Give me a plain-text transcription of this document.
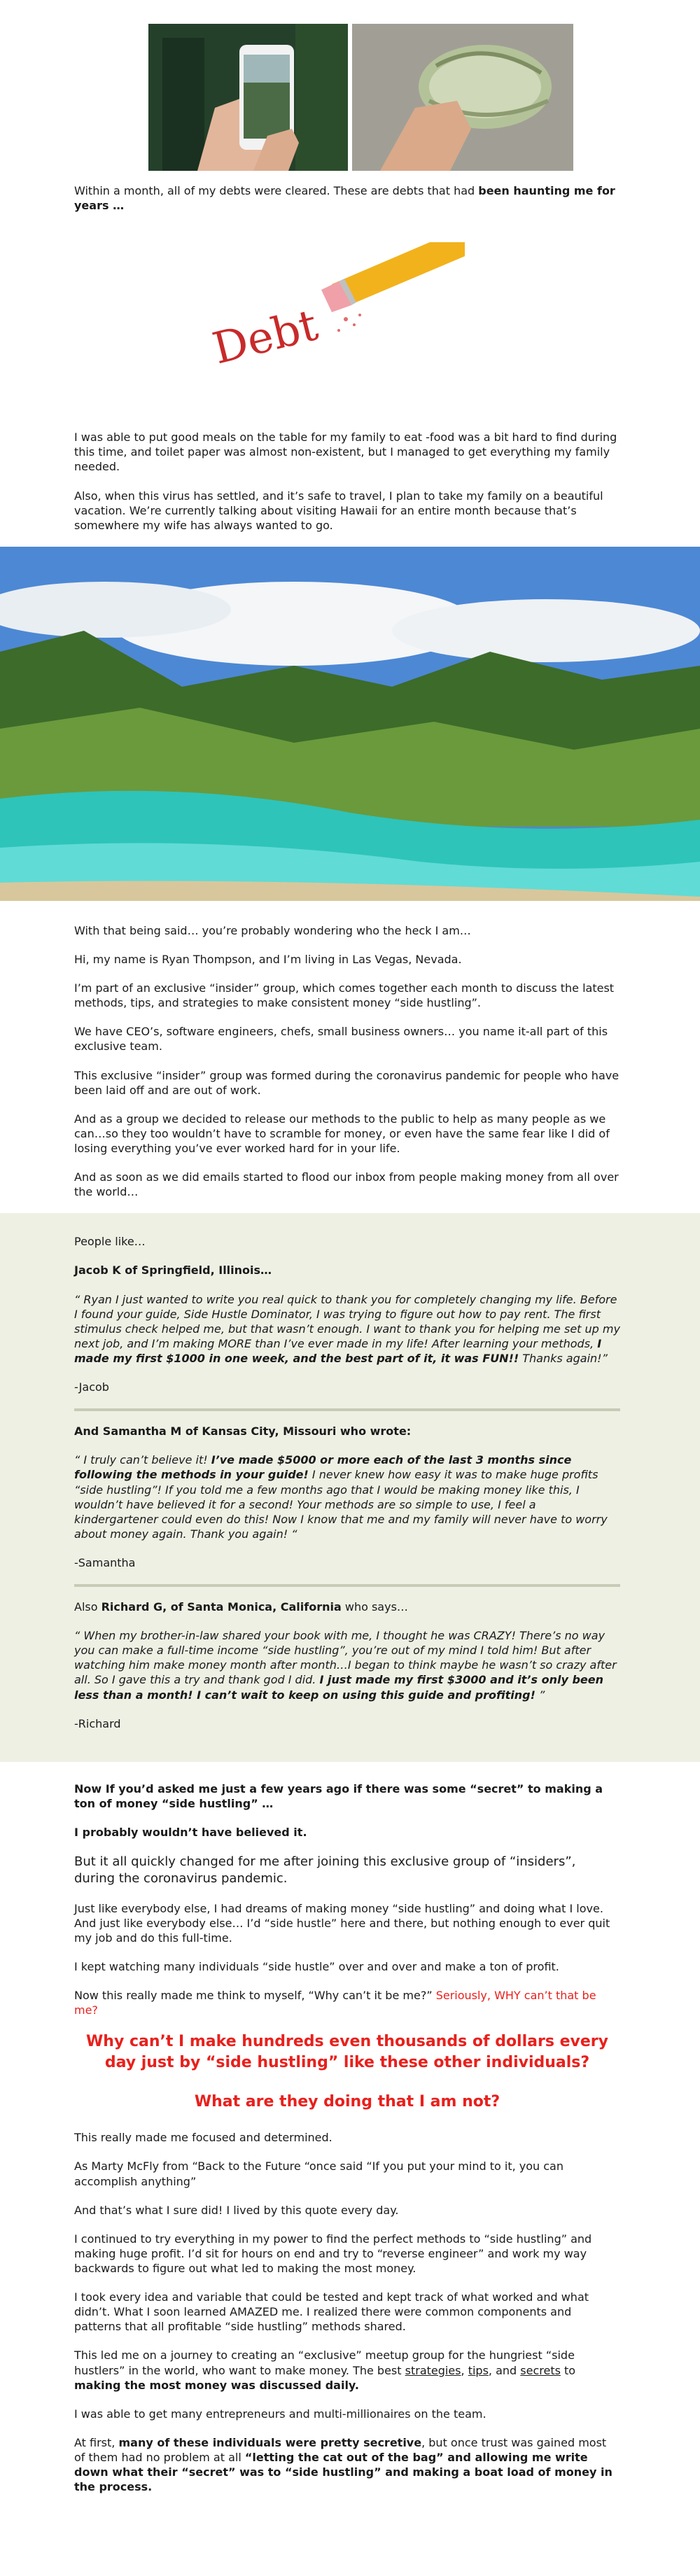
Within a month, all of my debts were cleared. These are debts that had been haunting me for years …

Debt

I was able to put good meals on the table for my family to eat -food was a bit hard to find during this time, and toilet paper was almost non-existent, but I managed to get everything my family needed.

Also, when this virus has settled, and it’s safe to travel, I plan to take my family on a beautiful vacation. We’re currently talking about visiting Hawaii for an entire month because that’s somewhere my wife has always wanted to go.

With that being said… you’re probably wondering who the heck I am…

Hi, my name is Ryan Thompson, and I’m living in Las Vegas, Nevada.

I’m part of an exclusive “insider” group, which comes together each month to discuss the latest methods, tips, and strategies to make consistent money “side hustling”.

We have CEO’s, software engineers, chefs, small business owners… you name it-all part of this exclusive team.

This exclusive “insider” group was formed during the coronavirus pandemic for people who have been laid off and are out of work.

And as a group we decided to release our methods to the public to help as many people as we can…so they too wouldn’t have to scramble for money, or even have the same fear like I did of losing everything you’ve ever worked hard for in your life.

And as soon as we did emails started to flood our inbox from people making money from all over the world…

People like…

Jacob K of Springfield, Illinois…

“ Ryan I just wanted to write you real quick to thank you for completely changing my life. Before I found your guide, Side Hustle Dominator, I was trying to figure out how to pay rent. The first stimulus check helped me, but that wasn’t enough. I want to thank you for helping me set up my next job, and I’m making MORE than I’ve ever made in my life! After learning your methods, I made my first $1000 in one week, and the best part of it, it was FUN!! Thanks again!”

-Jacob

And Samantha M of Kansas City, Missouri who wrote:

“ I truly can’t believe it! I’ve made $5000 or more each of the last 3 months since following the methods in your guide! I never knew how easy it was to make huge profits “side hustling”! If you told me a few months ago that I would be making money like this, I wouldn’t have believed it for a second! Your methods are so simple to use, I feel a kindergartener could even do this! Now I know that me and my family will never have to worry about money again. Thank you again! “

-Samantha

Also Richard G, of Santa Monica, California who says…

“ When my brother-in-law shared your book with me, I thought he was CRAZY! There’s no way you can make a full-time income “side hustling”, you’re out of my mind I told him! But after watching him make money month after month…I began to think maybe he wasn’t so crazy after all. So I gave this a try and thank god I did. I just made my first $3000 and it’s only been less than a month! I can’t wait to keep on using this guide and profiting! ”

-Richard

Now If you’d asked me just a few years ago if there was some “secret” to making a ton of money “side hustling” …

I probably wouldn’t have believed it.

But it all quickly changed for me after joining this exclusive group of “insiders”, during the coronavirus pandemic.

Just like everybody else, I had dreams of making money “side hustling” and doing what I love. And just like everybody else… I’d “side hustle” here and there, but nothing enough to ever quit my job and do this full-time.

I kept watching many individuals “side hustle” over and over and make a ton of profit.

Now this really made me think to myself, “Why can’t it be me?” Seriously, WHY can’t that be me?

Why can’t I make hundreds even thousands of dollars every day just by “side hustling” like these other individuals?
What are they doing that I am not?

This really made me focused and determined.

As Marty McFly from “Back to the Future “once said “If you put your mind to it, you can accomplish anything”

And that’s what I sure did! I lived by this quote every day.

I continued to try everything in my power to find the perfect methods to “side hustling” and making huge profit. I’d sit for hours on end and try to “reverse engineer” and work my way backwards to figure out what led to making the most money.

I took every idea and variable that could be tested and kept track of what worked and what didn’t. What I soon learned AMAZED me. I realized there were common components and patterns that all profitable “side hustling” methods shared.

This led me on a journey to creating an “exclusive” meetup group for the hungriest “side hustlers” in the world, who want to make money. The best strategies, tips, and secrets to making the most money was discussed daily.

I was able to get many entrepreneurs and multi-millionaires on the team.

At first, many of these individuals were pretty secretive, but once trust was gained most of them had no problem at all “letting the cat out of the bag” and allowing me write down what their “secret” was to “side hustling” and making a boat load of money in the process.
